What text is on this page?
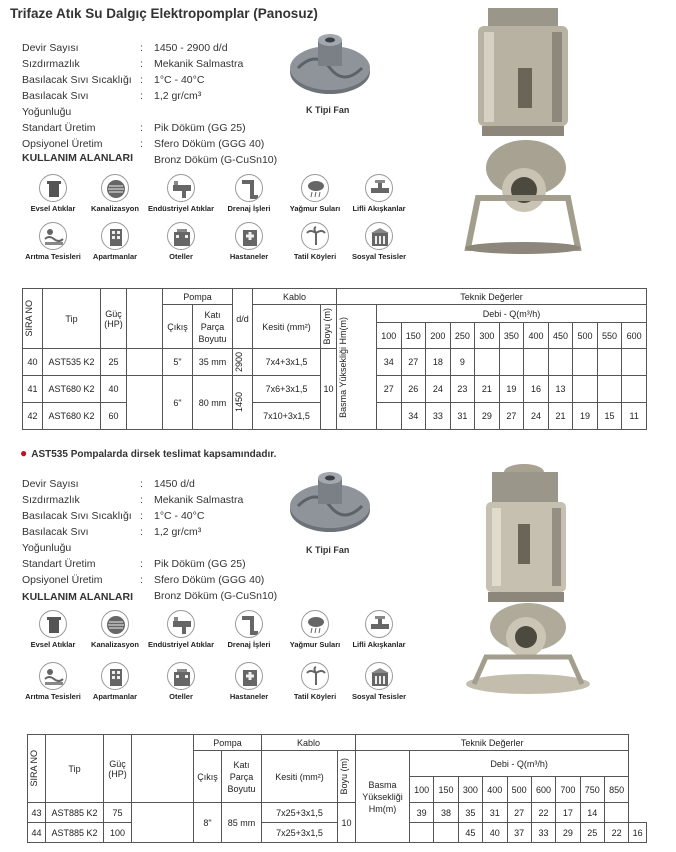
Trifaze Atık Su Dalgıç Elektropomplar (Panosuz)
Devir Sayısı	:	1450 - 2900 d/d
Sızdırmazlık	:	Mekanik Salmastra
Basılacak Sıvı Sıcaklığı :	1°C - 40°C
Basılacak Sıvı Yoğunluğu
:	1,2 gr/cm³
Standart Üretim	:	Pik Döküm (GG 25)
Opsiyonel Üretim	:	Sfero Döküm (GGG 40)
Bronz Döküm (G-CuSn10)
K Tipi Fan
KULLANIM ALANLARI
Evsel Atıklar	Kanalizasyon	Endüstriyel Atıklar	Drenaj İşleri	Yağmur Suları	Lifli Akışkanlar
Arıtma Tesisleri	Apartmanlar	Oteller	Hastaneler	Tatil Köyleri	Sosyal Tesisler
SIRA NO	Tip	Güç (HP)		Pompa		d/d	Kablo		Teknik Değerler											
				Çıkış	Katı Parça Boyutu		Kesiti (mm²)	Boyu (m)	Basma Yüksekliği Hm(m)	Debi - Q(m³/h)										
										100	150	200	250	300	350	400	450	500	550	600
40	AST535 K2	25		5"	35 mm	2900	7x4+3x1,5	10		34	27	18	9							
41	AST680 K2	40		6"	80 mm	1450	7x6+3x1,5			27	26	24	23	21	19	16	13			
42	AST680 K2	60					7x10+3x1,5				34	33	31	29	27	24	21	19	15	11
● AST535 Pompalarda dirsek teslimat kapsamındadır.
Devir Sayısı	:	1450 d/d
Sızdırmazlık	:	Mekanik Salmastra
Basılacak Sıvı Sıcaklığı :	1°C - 40°C
Basılacak Sıvı Yoğunluğu
:	1,2 gr/cm³
Standart Üretim	:	Pik Döküm (GG 25)
Opsiyonel Üretim	:	Sfero Döküm (GGG 40)
Bronz Döküm (G-CuSn10)
K Tipi Fan
KULLANIM ALANLARI
Evsel Atıklar	Kanalizasyon	Endüstriyel Atıklar	Drenaj İşleri	Yağmur Suları	Lifli Akışkanlar
Arıtma Tesisleri	Apartmanlar	Oteller	Hastaneler	Tatil Köyleri	Sosyal Tesisler
SIRA NO	Tip	Güç (HP)		Pompa		Kablo		Teknik Değerler										
				Çıkış	Katı Parça Boyutu	Kesiti (mm²)	Boyu (m)	Basma Yüksekliği Hm(m)	Debi - Q(m³/h)									
									100	150	300	400	500	600	700	750	850	
43	AST885 K2	75		8"	85 mm	7x25+3x1,5	10		39	38	35	31	27	22	17	14		
44	AST885 K2	100				7x25+3x1,5					45	40	37	33	29	25	22	16
